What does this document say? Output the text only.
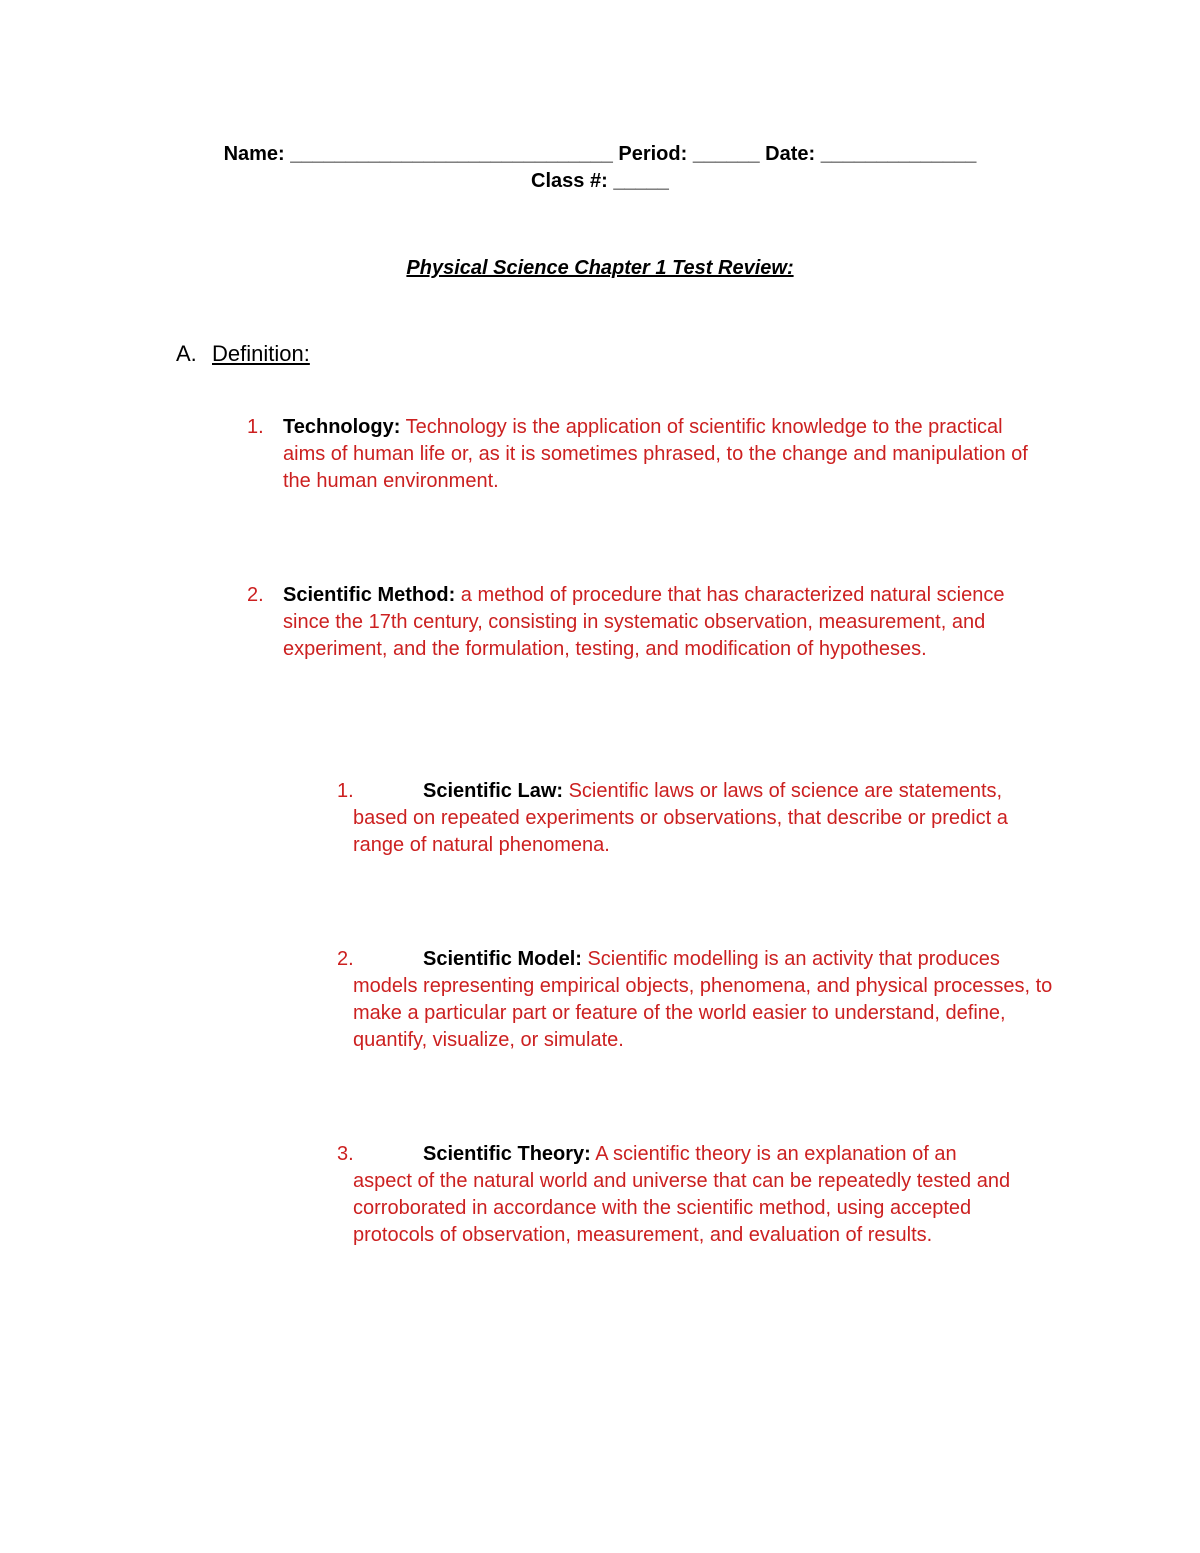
Name: _____________________________ Period: ______ Date: ______________
Class #: _____
Physical Science Chapter 1 Test Review:
A. Definition:
1. Technology: Technology is the application of scientific knowledge to the practical aims of human life or, as it is sometimes phrased, to the change and manipulation of the human environment.
2. Scientific Method: a method of procedure that has characterized natural science since the 17th century, consisting in systematic observation, measurement, and experiment, and the formulation, testing, and modification of hypotheses.
1.	Scientific Law: Scientific laws or laws of science are statements, based on repeated experiments or observations, that describe or predict a range of natural phenomena.
2.	Scientific Model: Scientific modelling is an activity that produces models representing empirical objects, phenomena, and physical processes, to make a particular part or feature of the world easier to understand, define, quantify, visualize, or simulate.
3.	Scientific Theory: A scientific theory is an explanation of an aspect of the natural world and universe that can be repeatedly tested and corroborated in accordance with the scientific method, using accepted protocols of observation, measurement, and evaluation of results.
